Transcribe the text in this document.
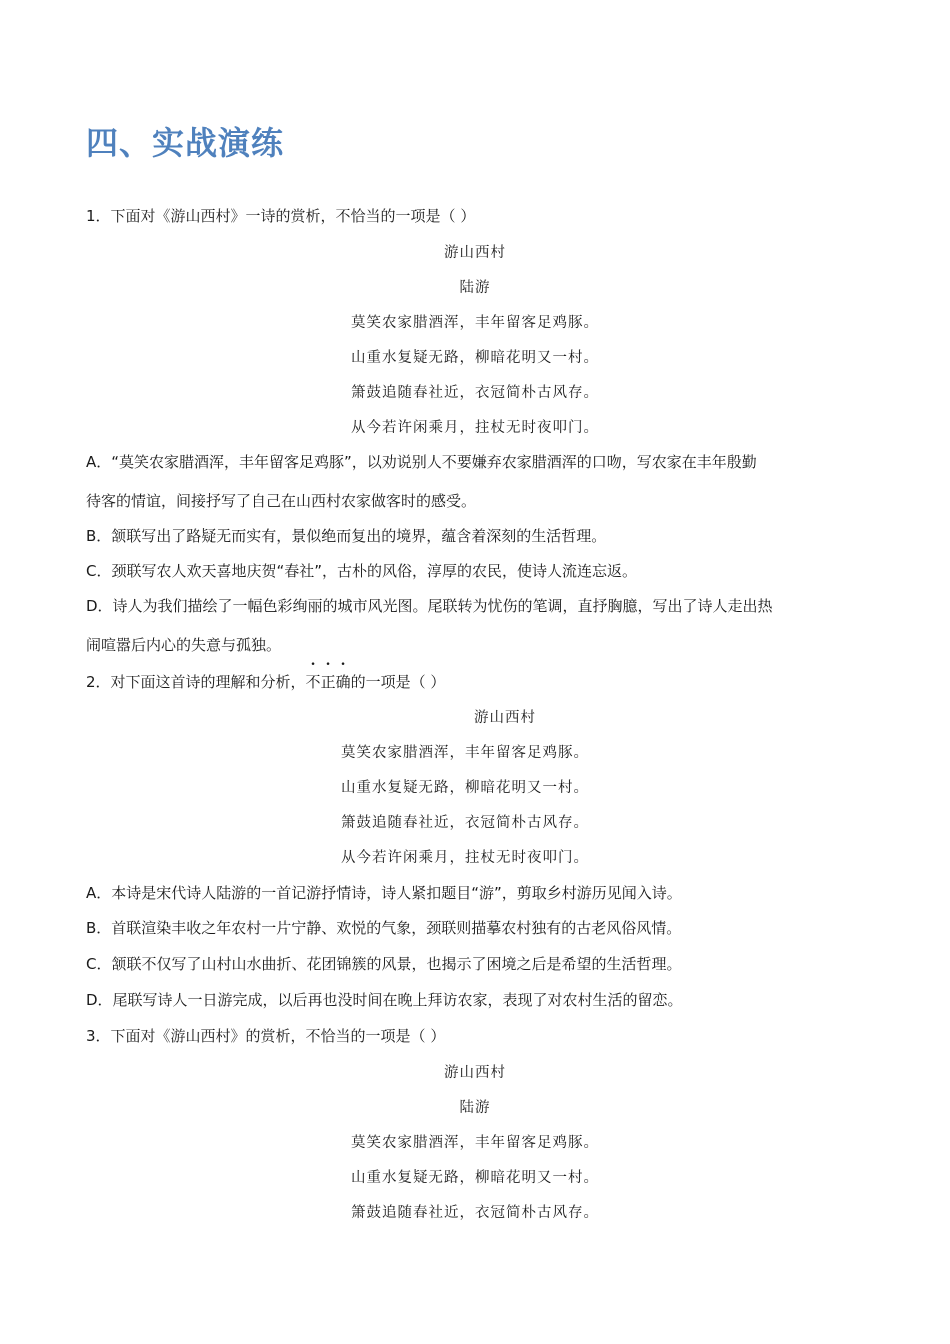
四、实战演练
1．下面对《游山西村》一诗的赏析，不恰当的一项是（ ）
游山西村
陆游
莫笑农家腊酒浑，丰年留客足鸡豚。
山重水复疑无路，柳暗花明又一村。
箫鼓追随春社近，衣冠简朴古风存。
从今若许闲乘月，拄杖无时夜叩门。
A．“莫笑农家腊酒浑，丰年留客足鸡豚”，以劝说别人不要嫌弃农家腊酒浑的口吻，写农家在丰年殷勤
待客的情谊，间接抒写了自己在山西村农家做客时的感受。
B．颔联写出了路疑无而实有，景似绝而复出的境界，蕴含着深刻的生活哲理。
C．颈联写农人欢天喜地庆贺“春社”，古朴的风俗，淳厚的农民，使诗人流连忘返。
D．诗人为我们描绘了一幅色彩绚丽的城市风光图。尾联转为忧伤的笔调，直抒胸臆，写出了诗人走出热
闹喧嚣后内心的失意与孤独。
2．对下面这首诗的理解和分析，不正确的一项是（ ）
游山西村
莫笑农家腊酒浑，丰年留客足鸡豚。
山重水复疑无路，柳暗花明又一村。
箫鼓追随春社近，衣冠简朴古风存。
从今若许闲乘月，拄杖无时夜叩门。
A．本诗是宋代诗人陆游的一首记游抒情诗，诗人紧扣题目“游”，剪取乡村游历见闻入诗。
B．首联渲染丰收之年农村一片宁静、欢悦的气象，颈联则描摹农村独有的古老风俗风情。
C．颔联不仅写了山村山水曲折、花团锦簇的风景，也揭示了困境之后是希望的生活哲理。
D．尾联写诗人一日游完成，以后再也没时间在晚上拜访农家，表现了对农村生活的留恋。
3．下面对《游山西村》的赏析，不恰当的一项是（ ）
游山西村
陆游
莫笑农家腊酒浑，丰年留客足鸡豚。
山重水复疑无路，柳暗花明又一村。
箫鼓追随春社近，衣冠简朴古风存。
